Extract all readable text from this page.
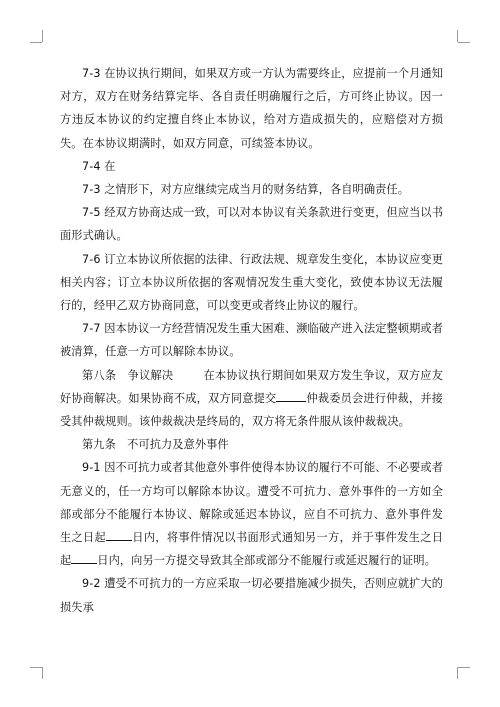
7-3 在协议执行期间，如果双方或一方认为需要终止，应提前一个月通知对方，双方在财务结算完毕、各自责任明确履行之后，方可终止协议。因一方违反本协议的约定擅自终止本协议，给对方造成损失的，应赔偿对方损失。在本协议期满时，如双方同意，可续签本协议。

7-4 在

7-3 之情形下，对方应继续完成当月的财务结算，各自明确责任。

7-5 经双方协商达成一致，可以对本协议有关条款进行变更，但应当以书面形式确认。

7-6 订立本协议所依据的法律、行政法规、规章发生变化，本协议应变更相关内容；订立本协议所依据的客观情况发生重大变化，致使本协议无法履行的，经甲乙双方协商同意，可以变更或者终止协议的履行。

7-7 因本协议一方经营情况发生重大困难、濒临破产进入法定整顿期或者被清算，任意一方可以解除本协议。

第八条　争议解决	在本协议执行期间如果双方发生争议，双方应友好协商解决。如果协商不成，双方同意提交	仲裁委员会进行仲裁，并接受其仲裁规则。该仲裁裁决是终局的，双方将无条件服从该仲裁裁决。

第九条　不可抗力及意外事件

9-1 因不可抗力或者其他意外事件使得本协议的履行不可能、不必要或者无意义的，任一方均可以解除本协议。遭受不可抗力、意外事件的一方如全部或部分不能履行本协议、解除或延迟本协议，应自不可抗力、意外事件发生之日起 日内，将事件情况以书面形式通知另一方，并于事件发生之日起 日内，向另一方提交导致其全部或部分不能履行或延迟履行的证明。

9-2 遭受不可抗力的一方应采取一切必要措施减少损失，否则应就扩大的损失承
